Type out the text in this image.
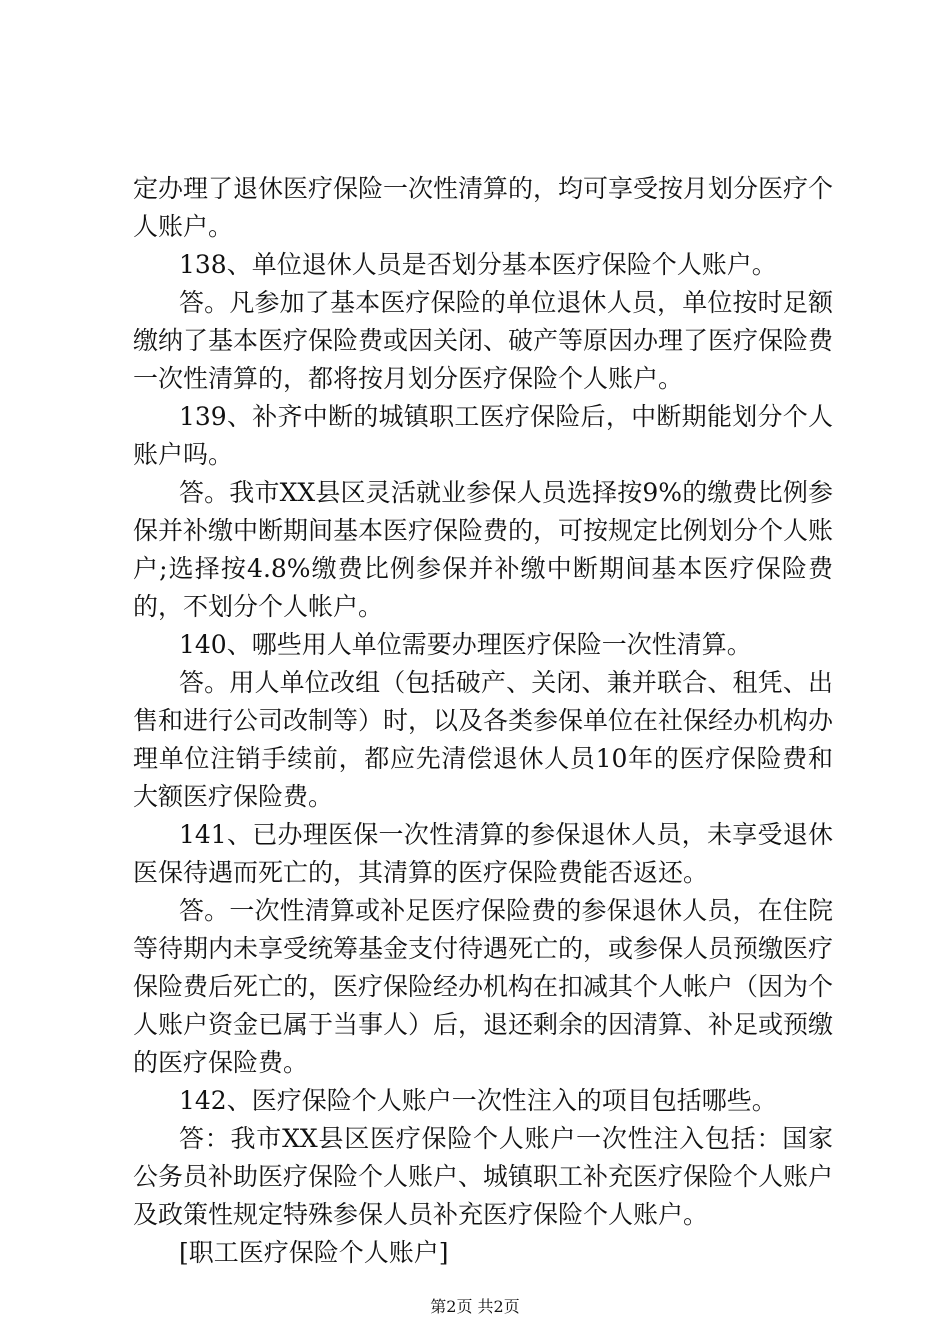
定办理了退休医疗保险一次性清算的，均可享受按月划分医疗个人账户。

138、单位退休人员是否划分基本医疗保险个人账户。

答。凡参加了基本医疗保险的单位退休人员，单位按时足额缴纳了基本医疗保险费或因关闭、破产等原因办理了医疗保险费一次性清算的，都将按月划分医疗保险个人账户。

139、补齐中断的城镇职工医疗保险后，中断期能划分个人账户吗。

答。我市XX县区灵活就业参保人员选择按9%的缴费比例参保并补缴中断期间基本医疗保险费的，可按规定比例划分个人账户;选择按4.8%缴费比例参保并补缴中断期间基本医疗保险费的，不划分个人帐户。

140、哪些用人单位需要办理医疗保险一次性清算。

答。用人单位改组（包括破产、关闭、兼并联合、租凭、出售和进行公司改制等）时，以及各类参保单位在社保经办机构办理单位注销手续前，都应先清偿退休人员10年的医疗保险费和大额医疗保险费。

141、已办理医保一次性清算的参保退休人员，未享受退休医保待遇而死亡的，其清算的医疗保险费能否返还。

答。一次性清算或补足医疗保险费的参保退休人员，在住院等待期内未享受统筹基金支付待遇死亡的，或参保人员预缴医疗保险费后死亡的，医疗保险经办机构在扣减其个人帐户（因为个人账户资金已属于当事人）后，退还剩余的因清算、补足或预缴的医疗保险费。

142、医疗保险个人账户一次性注入的项目包括哪些。

答：我市XX县区医疗保险个人账户一次性注入包括：国家公务员补助医疗保险个人账户、城镇职工补充医疗保险个人账户及政策性规定特殊参保人员补充医疗保险个人账户。

[职工医疗保险个人账户]

第2页 共2页
